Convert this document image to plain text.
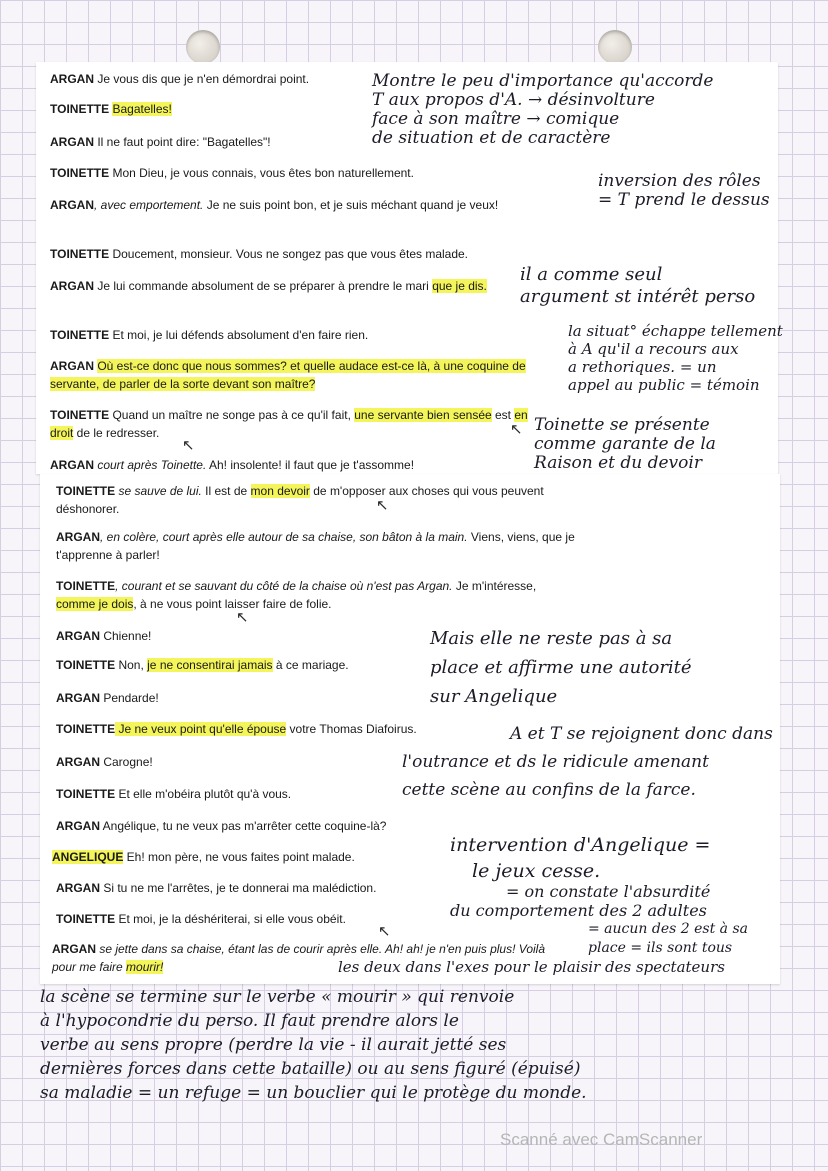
ARGAN Je vous dis que je n'en démordrai point.
TOINETTE Bagatelles!
ARGAN Il ne faut point dire: "Bagatelles"!
TOINETTE Mon Dieu, je vous connais, vous êtes bon naturellement.
ARGAN, avec emportement. Je ne suis point bon, et je suis méchant quand je veux!
TOINETTE Doucement, monsieur. Vous ne songez pas que vous êtes malade.
ARGAN Je lui commande absolument de se préparer à prendre le mari que je dis.
TOINETTE Et moi, je lui défends absolument d'en faire rien.
ARGAN Où est-ce donc que nous sommes? et quelle audace est-ce là, à une coquine de servante, de parler de la sorte devant son maître?
TOINETTE Quand un maître ne songe pas à ce qu'il fait, une servante bien sensée est en droit de le redresser.
ARGAN court après Toinette. Ah! insolente! il faut que je t'assomme!
TOINETTE se sauve de lui. Il est de mon devoir de m'opposer aux choses qui vous peuvent déshonorer.
ARGAN, en colère, court après elle autour de sa chaise, son bâton à la main. Viens, viens, que je t'apprenne à parler!
TOINETTE, courant et se sauvant du côté de la chaise où n'est pas Argan. Je m'intéresse, comme je dois, à ne vous point laisser faire de folie.
ARGAN Chienne!
TOINETTE Non, je ne consentirai jamais à ce mariage.
ARGAN Pendarde!
TOINETTE Je ne veux point qu'elle épouse votre Thomas Diafoirus.
ARGAN Carogne!
TOINETTE Et elle m'obéira plutôt qu'à vous.
ARGAN Angélique, tu ne veux pas m'arrêter cette coquine-là?
ANGELIQUE Eh! mon père, ne vous faites point malade.
ARGAN Si tu ne me l'arrêtes, je te donnerai ma malédiction.
TOINETTE Et moi, je la déshériterai, si elle vous obéit.
ARGAN se jette dans sa chaise, étant las de courir après elle. Ah! ah! je n'en puis plus! Voilà pour me faire mourir!
↖
↖
↖
↖
↖
Montre le peu d'importance qu'accorde
T aux propos d'A. → désinvolture
face à son maître → comique
de situation et de caractère
inversion des rôles
= T prend le dessus
il a comme seul
argument st intérêt perso
la situat° échappe tellement
à A qu'il a recours aux
a rethoriques. = un
appel au public = témoin
Toinette se présente
comme garante de la
Raison et du devoir
Mais elle ne reste pas à sa
place et affirme une autorité
sur Angelique
A et T se rejoignent donc dans
l'outrance et ds le ridicule amenant
cette scène au confins de la farce.
intervention d'Angelique =
le jeux cesse.
= on constate l'absurdité
du comportement des 2 adultes
= aucun des 2 est à sa
place = ils sont tous
les deux dans l'exes pour le plaisir des spectateurs
la scène se termine sur le verbe « mourir » qui renvoie
à l'hypocondrie du perso. Il faut prendre alors le
verbe au sens propre (perdre la vie - il aurait jetté ses
dernières forces dans cette bataille) ou au sens figuré (épuisé)
sa maladie = un refuge = un bouclier qui le protège du monde.
Scanné avec CamScanner
